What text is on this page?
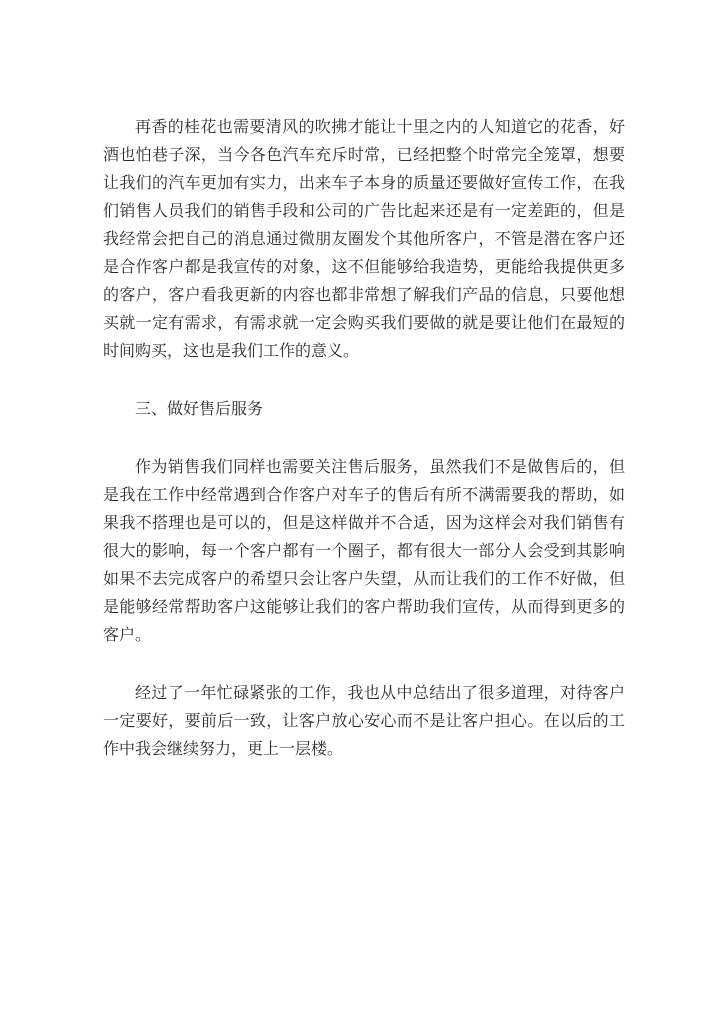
再香的桂花也需要清风的吹拂才能让十里之内的人知道它的花香，好酒也怕巷子深，当今各色汽车充斥时常，已经把整个时常完全笼罩，想要让我们的汽车更加有实力，出来车子本身的质量还要做好宣传工作，在我们销售人员我们的销售手段和公司的广告比起来还是有一定差距的，但是我经常会把自己的消息通过微朋友圈发个其他所客户，不管是潜在客户还是合作客户都是我宣传的对象，这不但能够给我造势，更能给我提供更多的客户，客户看我更新的内容也都非常想了解我们产品的信息，只要他想买就一定有需求，有需求就一定会购买我们要做的就是要让他们在最短的时间购买，这也是我们工作的意义。

三、做好售后服务

作为销售我们同样也需要关注售后服务，虽然我们不是做售后的，但是我在工作中经常遇到合作客户对车子的售后有所不满需要我的帮助，如果我不搭理也是可以的，但是这样做并不合适，因为这样会对我们销售有很大的影响，每一个客户都有一个圈子，都有很大一部分人会受到其影响如果不去完成客户的希望只会让客户失望，从而让我们的工作不好做，但是能够经常帮助客户这能够让我们的客户帮助我们宣传，从而得到更多的客户。

经过了一年忙碌紧张的工作，我也从中总结出了很多道理，对待客户一定要好，要前后一致，让客户放心安心而不是让客户担心。在以后的工作中我会继续努力，更上一层楼。
